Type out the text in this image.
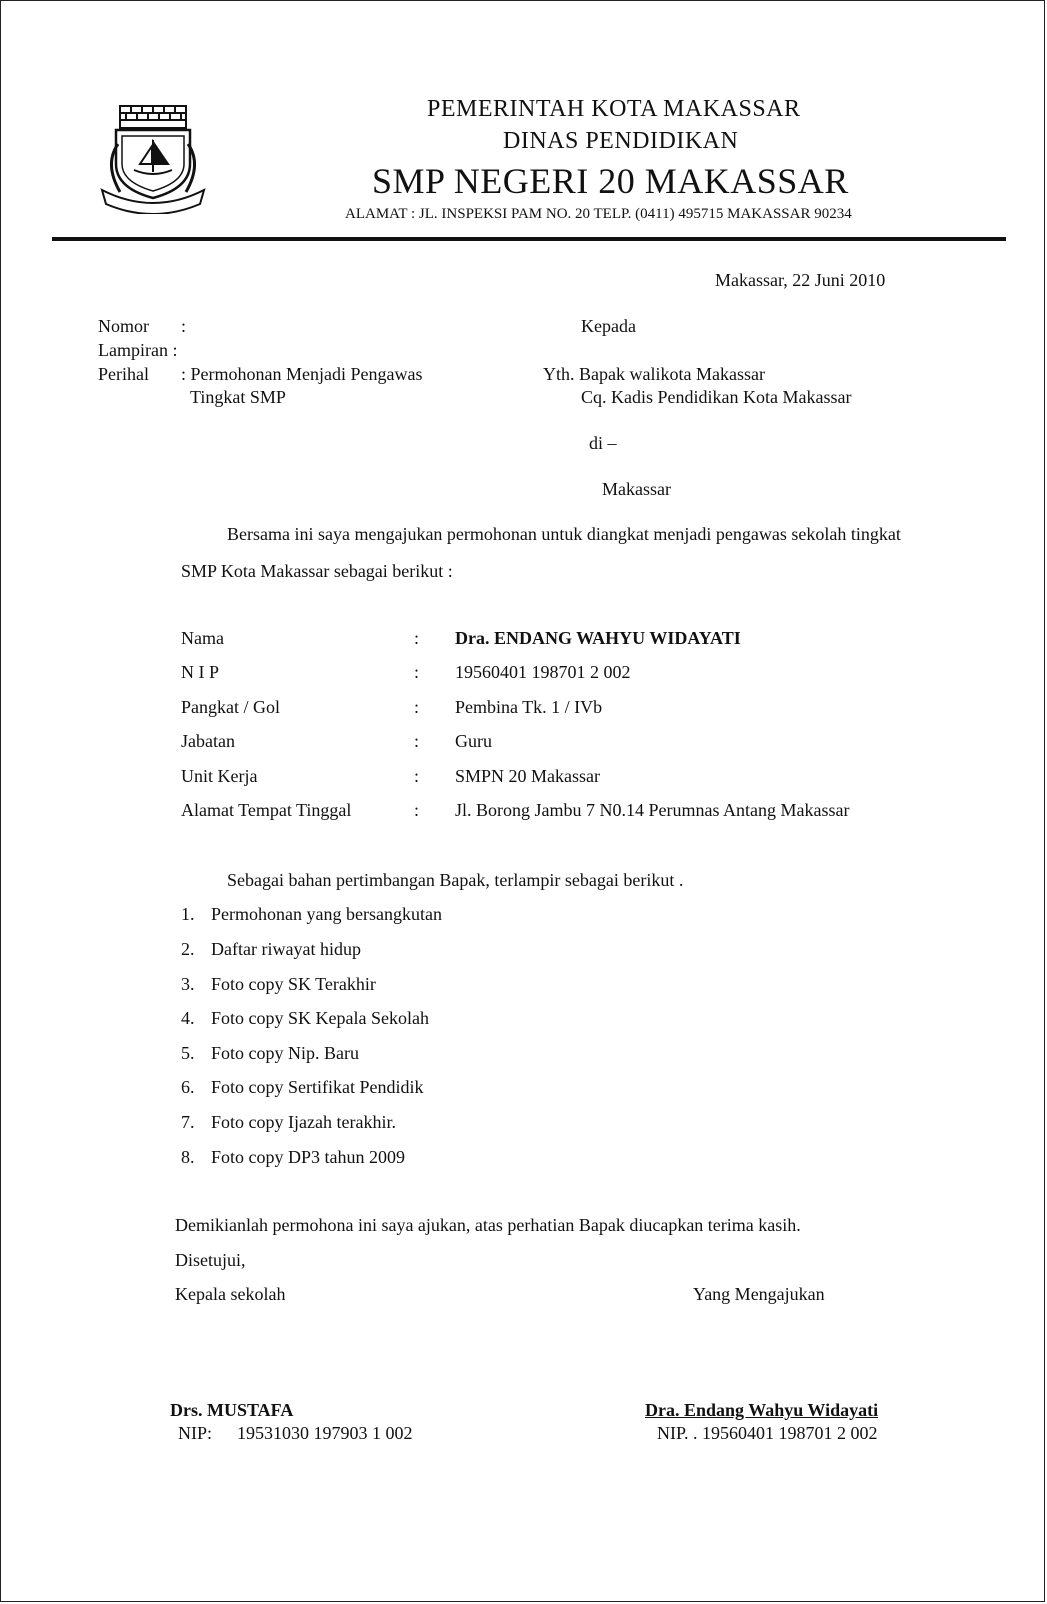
PEMERINTAH KOTA MAKASSAR
DINAS PENDIDIKAN
SMP NEGERI 20 MAKASSAR
ALAMAT : JL. INSPEKSI PAM NO. 20 TELP. (0411) 495715 MAKASSAR 90234
Makassar, 22 Juni 2010
Nomor :
Lampiran :
Perihal : Permohonan Menjadi Pengawas
Tingkat SMP
Kepada
Yth. Bapak walikota Makassar
Cq. Kadis Pendidikan Kota Makassar
di –
Makassar
Bersama ini saya mengajukan permohonan untuk diangkat menjadi pengawas sekolah tingkat
SMP Kota Makassar sebagai berikut :
Nama	: Dra. ENDANG WAHYU WIDAYATI
N I P	: 19560401 198701 2 002
Pangkat / Gol	: Pembina Tk. 1 / IVb
Jabatan	: Guru
Unit Kerja	: SMPN 20 Makassar
Alamat Tempat Tinggal	: Jl. Borong Jambu 7 N0.14 Perumnas Antang Makassar
Sebagai bahan pertimbangan Bapak, terlampir sebagai berikut .
1. Permohonan yang bersangkutan
2. Daftar riwayat hidup
3. Foto copy SK Terakhir
4. Foto copy SK Kepala Sekolah
5. Foto copy Nip. Baru
6. Foto copy Sertifikat Pendidik
7. Foto copy Ijazah terakhir.
8. Foto copy DP3 tahun 2009
Demikianlah permohona ini saya ajukan, atas perhatian Bapak diucapkan terima kasih.
Disetujui,
Kepala sekolah	Yang Mengajukan
Drs. MUSTAFA
NIP: 19531030 197903 1 002
Dra. Endang Wahyu Widayati
NIP. . 19560401 198701 2 002
